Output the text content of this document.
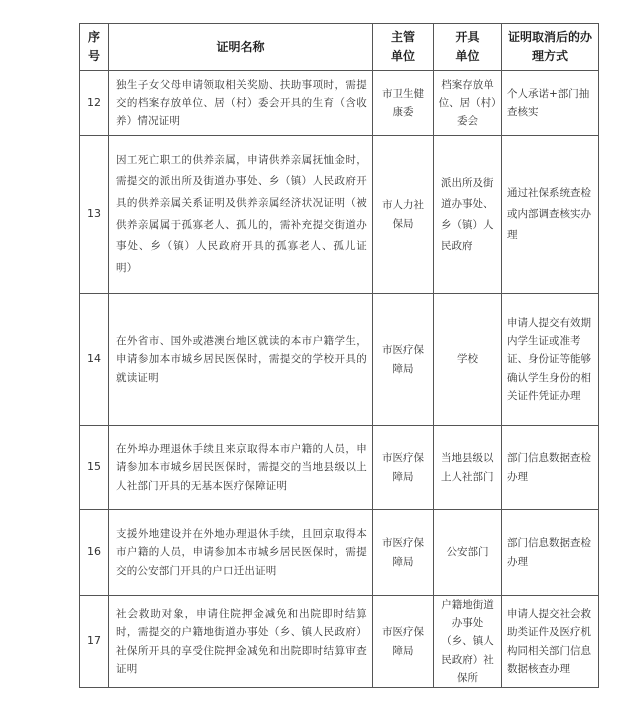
序号	证明名称	主管单位	开具单位	证明取消后的办理方式
12	独生子女父母申请领取相关奖励、扶助事项时，需提交的档案存放单位、居（村）委会开具的生育（含收养）情况证明	市卫生健康委	档案存放单位、居（村）委会	个人承诺+部门抽查核实
13	因工死亡职工的供养亲属，申请供养亲属抚恤金时，需提交的派出所及街道办事处、乡（镇）人民政府开具的供养亲属关系证明及供养亲属经济状况证明（被供养亲属属于孤寡老人、孤儿的，需补充提交街道办事处、乡（镇）人民政府开具的孤寡老人、孤儿证明）	市人力社保局	派出所及街道办事处、乡（镇）人民政府	通过社保系统查检或内部调查核实办理
14	在外省市、国外或港澳台地区就读的本市户籍学生，申请参加本市城乡居民医保时，需提交的学校开具的就读证明	市医疗保障局	学校	申请人提交有效期内学生证或准考证、身份证等能够确认学生身份的相关证件凭证办理
15	在外埠办理退休手续且来京取得本市户籍的人员，申请参加本市城乡居民医保时，需提交的当地县级以上人社部门开具的无基本医疗保障证明	市医疗保障局	当地县级以上人社部门	部门信息数据查检办理
16	支援外地建设并在外地办理退休手续，且回京取得本市户籍的人员，申请参加本市城乡居民医保时，需提交的公安部门开具的户口迁出证明	市医疗保障局	公安部门	部门信息数据查检办理
17	社会救助对象，申请住院押金减免和出院即时结算时，需提交的户籍地街道办事处（乡、镇人民政府）社保所开具的享受住院押金减免和出院即时结算审查证明	市医疗保障局	户籍地街道办事处（乡、镇人民政府）社保所	申请人提交社会救助类证件及医疗机构同相关部门信息数据核查办理
